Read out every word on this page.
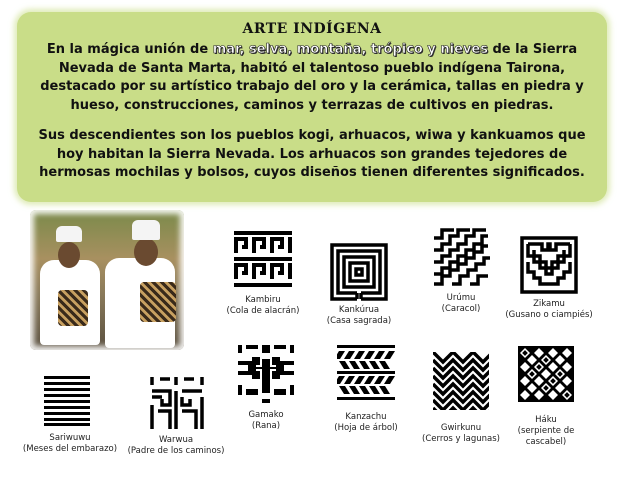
ARTE INDÍGENA
En la mágica unión de mar, selva, montaña, trópico y nieves de la Sierra Nevada de Santa Marta, habitó el talentoso pueblo indígena Tairona, destacado por su artístico trabajo del oro y la cerámica, tallas en piedra y hueso, construcciones, caminos y terrazas de cultivos en piedras.
Sus descendientes son los pueblos kogi, arhuacos, wiwa y kankuamos que hoy habitan la Sierra Nevada. Los arhuacos son grandes tejedores de hermosas mochilas y bolsos, cuyos diseños tienen diferentes significados.
Kambiru
(Cola de alacrán)	Kankúrua
(Casa sagrada)
Urúmu
(Caracol)	Zikamu
(Gusano o ciampiés)
Gamako
(Rana)
Kanzachu
(Hoja de árbol)	Gwirkunu
(Cerros y lagunas)
Háku
(serpiente de
cascabel)
Sariwuwu
(Meses del embarazo)
Warwua
(Padre de los caminos)
